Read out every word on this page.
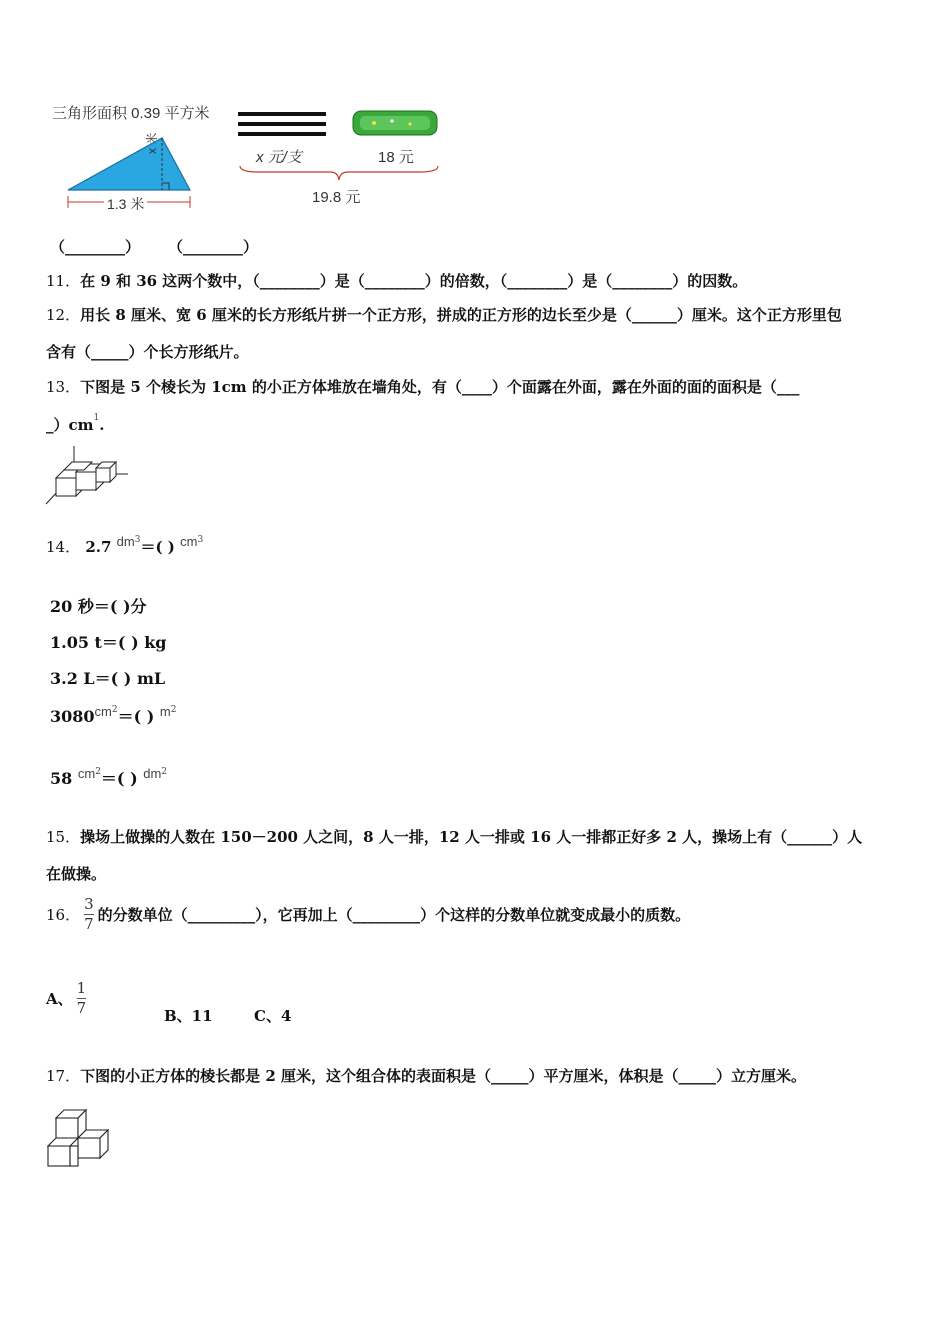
三角形面积 0.39 平方米
x 米
1.3 米
x 元/支	18 元
19.8 元
（________） （________）
11．在 9 和 36 这两个数中，（________）是（________）的倍数，（________）是（________）的因数。
12．用长 8 厘米、宽 6 厘米的长方形纸片拼一个正方形，拼成的正方形的边长至少是（______）厘米。这个正方形里包
含有（_____）个长方形纸片。
13．下图是 5 个棱长为 1cm 的小正方体堆放在墙角处，有（____）个面露在外面，露在外面的面的面积是（___
$\_)cm^1$.
14． 2.7 $dm^3=$( ) $cm^3$
20 秒＝( )分
1.05 t＝( ) kg
3.2 L＝( ) mL
$3080^{cm2}=$( ) $^{m2}$
58 $^{cm2}$＝( ) $^{dm2}$
15．操场上做操的人数在 150－200 人之间，8 人一排，12 人一排或 16 人一排都正好多 2 人，操场上有（______）人
在做操。
16． $\frac{3}{7}$ 的分数单位（_________），它再加上（_________）个这样的分数单位就变成最小的质数。
A、 $\frac{1}{7}$	B、11	C、4
17．下图的小正方体的棱长都是 2 厘米，这个组合体的表面积是（_____）平方厘米，体积是（_____）立方厘米。
